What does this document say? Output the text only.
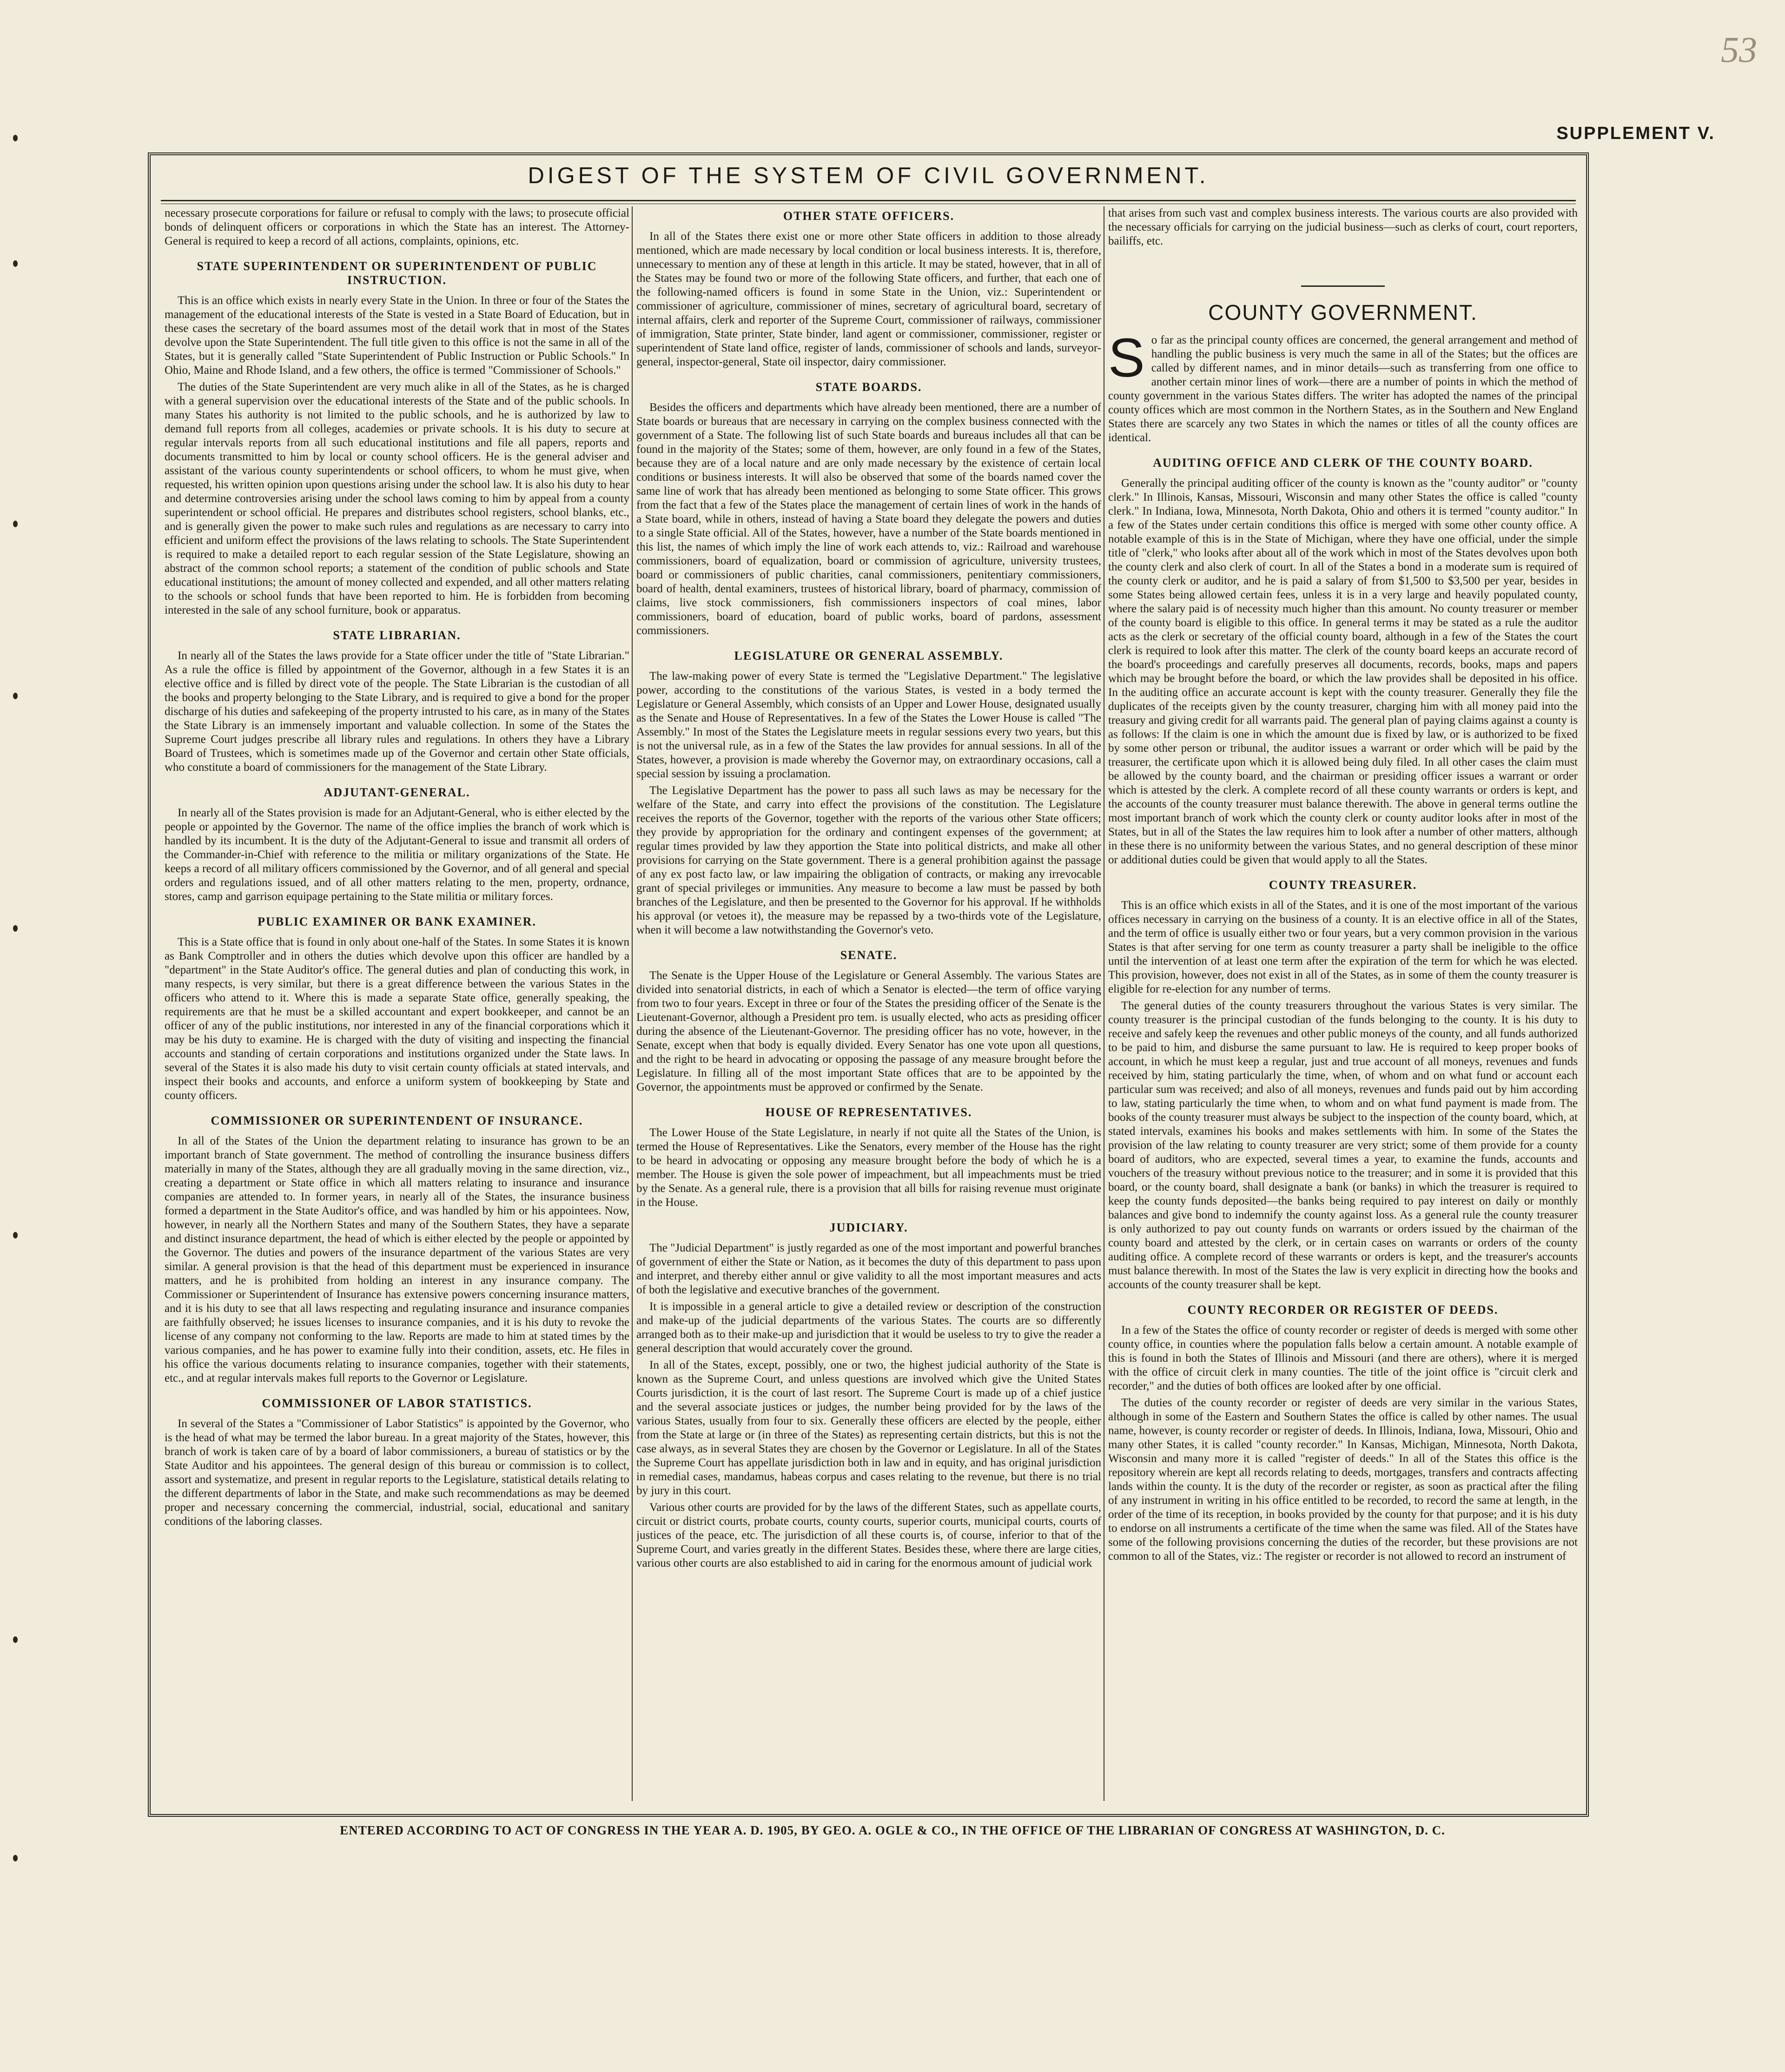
53
SUPPLEMENT V.
DIGEST OF THE SYSTEM OF CIVIL GOVERNMENT.

necessary prosecute corporations for failure or refusal to comply with the laws; to prosecute official bonds of delinquent officers or corporations in which the State has an interest. The Attorney-General is required to keep a record of all actions, complaints, opinions, etc.

STATE SUPERINTENDENT OR SUPERINTENDENT OF PUBLIC INSTRUCTION.

This is an office which exists in nearly every State in the Union. In three or four of the States the management of the educational interests of the State is vested in a State Board of Education, but in these cases the secretary of the board assumes most of the detail work that in most of the States devolve upon the State Superintendent. The full title given to this office is not the same in all of the States, but it is generally called "State Superintendent of Public Instruction or Public Schools." In Ohio, Maine and Rhode Island, and a few others, the office is termed "Commissioner of Schools."

The duties of the State Superintendent are very much alike in all of the States, as he is charged with a general supervision over the educational interests of the State and of the public schools. In many States his authority is not limited to the public schools, and he is authorized by law to demand full reports from all colleges, academies or private schools. It is his duty to secure at regular intervals reports from all such educational institutions and file all papers, reports and documents transmitted to him by local or county school officers. He is the general adviser and assistant of the various county superintendents or school officers, to whom he must give, when requested, his written opinion upon questions arising under the school law. It is also his duty to hear and determine controversies arising under the school laws coming to him by appeal from a county superintendent or school official. He prepares and distributes school registers, school blanks, etc., and is generally given the power to make such rules and regulations as are necessary to carry into efficient and uniform effect the provisions of the laws relating to schools. The State Superintendent is required to make a detailed report to each regular session of the State Legislature, showing an abstract of the common school reports; a statement of the condition of public schools and State educational institutions; the amount of money collected and expended, and all other matters relating to the schools or school funds that have been reported to him. He is forbidden from becoming interested in the sale of any school furniture, book or apparatus.

STATE LIBRARIAN.

In nearly all of the States the laws provide for a State officer under the title of "State Librarian." As a rule the office is filled by appointment of the Governor, although in a few States it is an elective office and is filled by direct vote of the people. The State Librarian is the custodian of all the books and property belonging to the State Library, and is required to give a bond for the proper discharge of his duties and safekeeping of the property intrusted to his care, as in many of the States the State Library is an immensely important and valuable collection. In some of the States the Supreme Court judges prescribe all library rules and regulations. In others they have a Library Board of Trustees, which is sometimes made up of the Governor and certain other State officials, who constitute a board of commissioners for the management of the State Library.

ADJUTANT-GENERAL.

In nearly all of the States provision is made for an Adjutant-General, who is either elected by the people or appointed by the Governor. The name of the office implies the branch of work which is handled by its incumbent. It is the duty of the Adjutant-General to issue and transmit all orders of the Commander-in-Chief with reference to the militia or military organizations of the State. He keeps a record of all military officers commissioned by the Governor, and of all general and special orders and regulations issued, and of all other matters relating to the men, property, ordnance, stores, camp and garrison equipage pertaining to the State militia or military forces.

PUBLIC EXAMINER OR BANK EXAMINER.

This is a State office that is found in only about one-half of the States. In some States it is known as Bank Comptroller and in others the duties which devolve upon this officer are handled by a "department" in the State Auditor's office. The general duties and plan of conducting this work, in many respects, is very similar, but there is a great difference between the various States in the officers who attend to it. Where this is made a separate State office, generally speaking, the requirements are that he must be a skilled accountant and expert bookkeeper, and cannot be an officer of any of the public institutions, nor interested in any of the financial corporations which it may be his duty to examine. He is charged with the duty of visiting and inspecting the financial accounts and standing of certain corporations and institutions organized under the State laws. In several of the States it is also made his duty to visit certain county officials at stated intervals, and inspect their books and accounts, and enforce a uniform system of bookkeeping by State and county officers.

COMMISSIONER OR SUPERINTENDENT OF INSURANCE.

In all of the States of the Union the department relating to insurance has grown to be an important branch of State government. The method of controlling the insurance business differs materially in many of the States, although they are all gradually moving in the same direction, viz., creating a department or State office in which all matters relating to insurance and insurance companies are attended to. In former years, in nearly all of the States, the insurance business formed a department in the State Auditor's office, and was handled by him or his appointees. Now, however, in nearly all the Northern States and many of the Southern States, they have a separate and distinct insurance department, the head of which is either elected by the people or appointed by the Governor. The duties and powers of the insurance department of the various States are very similar. A general provision is that the head of this department must be experienced in insurance matters, and he is prohibited from holding an interest in any insurance company. The Commissioner or Superintendent of Insurance has extensive powers concerning insurance matters, and it is his duty to see that all laws respecting and regulating insurance and insurance companies are faithfully observed; he issues licenses to insurance companies, and it is his duty to revoke the license of any company not conforming to the law. Reports are made to him at stated times by the various companies, and he has power to examine fully into their condition, assets, etc. He files in his office the various documents relating to insurance companies, together with their statements, etc., and at regular intervals makes full reports to the Governor or Legislature.

COMMISSIONER OF LABOR STATISTICS.

In several of the States a "Commissioner of Labor Statistics" is appointed by the Governor, who is the head of what may be termed the labor bureau. In a great majority of the States, however, this branch of work is taken care of by a board of labor commissioners, a bureau of statistics or by the State Auditor and his appointees. The general design of this bureau or commission is to collect, assort and systematize, and present in regular reports to the Legislature, statistical details relating to the different departments of labor in the State, and make such recommendations as may be deemed proper and necessary concerning the commercial, industrial, social, educational and sanitary conditions of the laboring classes.

OTHER STATE OFFICERS.

In all of the States there exist one or more other State officers in addition to those already mentioned, which are made necessary by local condition or local business interests. It is, therefore, unnecessary to mention any of these at length in this article. It may be stated, however, that in all of the States may be found two or more of the following State officers, and further, that each one of the following-named officers is found in some State in the Union, viz.: Superintendent or commissioner of agriculture, commissioner of mines, secretary of agricultural board, secretary of internal affairs, clerk and reporter of the Supreme Court, commissioner of railways, commissioner of immigration, State printer, State binder, land agent or commissioner, commissioner, register or superintendent of State land office, register of lands, commissioner of schools and lands, surveyor-general, inspector-general, State oil inspector, dairy commissioner.

STATE BOARDS.

Besides the officers and departments which have already been mentioned, there are a number of State boards or bureaus that are necessary in carrying on the complex business connected with the government of a State. The following list of such State boards and bureaus includes all that can be found in the majority of the States; some of them, however, are only found in a few of the States, because they are of a local nature and are only made necessary by the existence of certain local conditions or business interests. It will also be observed that some of the boards named cover the same line of work that has already been mentioned as belonging to some State officer. This grows from the fact that a few of the States place the management of certain lines of work in the hands of a State board, while in others, instead of having a State board they delegate the powers and duties to a single State official. All of the States, however, have a number of the State boards mentioned in this list, the names of which imply the line of work each attends to, viz.: Railroad and warehouse commissioners, board of equalization, board or commission of agriculture, university trustees, board or commissioners of public charities, canal commissioners, penitentiary commissioners, board of health, dental examiners, trustees of historical library, board of pharmacy, commission of claims, live stock commissioners, fish commissioners inspectors of coal mines, labor commissioners, board of education, board of public works, board of pardons, assessment commissioners.

LEGISLATURE OR GENERAL ASSEMBLY.

The law-making power of every State is termed the "Legislative Department." The legislative power, according to the constitutions of the various States, is vested in a body termed the Legislature or General Assembly, which consists of an Upper and Lower House, designated usually as the Senate and House of Representatives. In a few of the States the Lower House is called "The Assembly." In most of the States the Legislature meets in regular sessions every two years, but this is not the universal rule, as in a few of the States the law provides for annual sessions. In all of the States, however, a provision is made whereby the Governor may, on extraordinary occasions, call a special session by issuing a proclamation.

The Legislative Department has the power to pass all such laws as may be necessary for the welfare of the State, and carry into effect the provisions of the constitution. The Legislature receives the reports of the Governor, together with the reports of the various other State officers; they provide by appropriation for the ordinary and contingent expenses of the government; at regular times provided by law they apportion the State into political districts, and make all other provisions for carrying on the State government. There is a general prohibition against the passage of any ex post facto law, or law impairing the obligation of contracts, or making any irrevocable grant of special privileges or immunities. Any measure to become a law must be passed by both branches of the Legislature, and then be presented to the Governor for his approval. If he withholds his approval (or vetoes it), the measure may be repassed by a two-thirds vote of the Legislature, when it will become a law notwithstanding the Governor's veto.

SENATE.

The Senate is the Upper House of the Legislature or General Assembly. The various States are divided into senatorial districts, in each of which a Senator is elected—the term of office varying from two to four years. Except in three or four of the States the presiding officer of the Senate is the Lieutenant-Governor, although a President pro tem. is usually elected, who acts as presiding officer during the absence of the Lieutenant-Governor. The presiding officer has no vote, however, in the Senate, except when that body is equally divided. Every Senator has one vote upon all questions, and the right to be heard in advocating or opposing the passage of any measure brought before the Legislature. In filling all of the most important State offices that are to be appointed by the Governor, the appointments must be approved or confirmed by the Senate.

HOUSE OF REPRESENTATIVES.

The Lower House of the State Legislature, in nearly if not quite all the States of the Union, is termed the House of Representatives. Like the Senators, every member of the House has the right to be heard in advocating or opposing any measure brought before the body of which he is a member. The House is given the sole power of impeachment, but all impeachments must be tried by the Senate. As a general rule, there is a provision that all bills for raising revenue must originate in the House.

JUDICIARY.

The "Judicial Department" is justly regarded as one of the most important and powerful branches of government of either the State or Nation, as it becomes the duty of this department to pass upon and interpret, and thereby either annul or give validity to all the most important measures and acts of both the legislative and executive branches of the government.

It is impossible in a general article to give a detailed review or description of the construction and make-up of the judicial departments of the various States. The courts are so differently arranged both as to their make-up and jurisdiction that it would be useless to try to give the reader a general description that would accurately cover the ground.

In all of the States, except, possibly, one or two, the highest judicial authority of the State is known as the Supreme Court, and unless questions are involved which give the United States Courts jurisdiction, it is the court of last resort. The Supreme Court is made up of a chief justice and the several associate justices or judges, the number being provided for by the laws of the various States, usually from four to six. Generally these officers are elected by the people, either from the State at large or (in three of the States) as representing certain districts, but this is not the case always, as in several States they are chosen by the Governor or Legislature. In all of the States the Supreme Court has appellate jurisdiction both in law and in equity, and has original jurisdiction in remedial cases, mandamus, habeas corpus and cases relating to the revenue, but there is no trial by jury in this court.

Various other courts are provided for by the laws of the different States, such as appellate courts, circuit or district courts, probate courts, county courts, superior courts, municipal courts, courts of justices of the peace, etc. The jurisdiction of all these courts is, of course, inferior to that of the Supreme Court, and varies greatly in the different States. Besides these, where there are large cities, various other courts are also established to aid in caring for the enormous amount of judicial work

that arises from such vast and complex business interests. The various courts are also provided with the necessary officials for carrying on the judicial business—such as clerks of court, court reporters, bailiffs, etc.

COUNTY GOVERNMENT.

So far as the principal county offices are concerned, the general arrangement and method of handling the public business is very much the same in all of the States; but the offices are called by different names, and in minor details—such as transferring from one office to another certain minor lines of work—there are a number of points in which the method of county government in the various States differs. The writer has adopted the names of the principal county offices which are most common in the Northern States, as in the Southern and New England States there are scarcely any two States in which the names or titles of all the county offices are identical.

AUDITING OFFICE AND CLERK OF THE COUNTY BOARD.

Generally the principal auditing officer of the county is known as the "county auditor" or "county clerk." In Illinois, Kansas, Missouri, Wisconsin and many other States the office is called "county clerk." In Indiana, Iowa, Minnesota, North Dakota, Ohio and others it is termed "county auditor." In a few of the States under certain conditions this office is merged with some other county office. A notable example of this is in the State of Michigan, where they have one official, under the simple title of "clerk," who looks after about all of the work which in most of the States devolves upon both the county clerk and also clerk of court. In all of the States a bond in a moderate sum is required of the county clerk or auditor, and he is paid a salary of from $1,500 to $3,500 per year, besides in some States being allowed certain fees, unless it is in a very large and heavily populated county, where the salary paid is of necessity much higher than this amount. No county treasurer or member of the county board is eligible to this office. In general terms it may be stated as a rule the auditor acts as the clerk or secretary of the official county board, although in a few of the States the court clerk is required to look after this matter. The clerk of the county board keeps an accurate record of the board's proceedings and carefully preserves all documents, records, books, maps and papers which may be brought before the board, or which the law provides shall be deposited in his office. In the auditing office an accurate account is kept with the county treasurer. Generally they file the duplicates of the receipts given by the county treasurer, charging him with all money paid into the treasury and giving credit for all warrants paid. The general plan of paying claims against a county is as follows: If the claim is one in which the amount due is fixed by law, or is authorized to be fixed by some other person or tribunal, the auditor issues a warrant or order which will be paid by the treasurer, the certificate upon which it is allowed being duly filed. In all other cases the claim must be allowed by the county board, and the chairman or presiding officer issues a warrant or order which is attested by the clerk. A complete record of all these county warrants or orders is kept, and the accounts of the county treasurer must balance therewith. The above in general terms outline the most important branch of work which the county clerk or county auditor looks after in most of the States, but in all of the States the law requires him to look after a number of other matters, although in these there is no uniformity between the various States, and no general description of these minor or additional duties could be given that would apply to all the States.

COUNTY TREASURER.

This is an office which exists in all of the States, and it is one of the most important of the various offices necessary in carrying on the business of a county. It is an elective office in all of the States, and the term of office is usually either two or four years, but a very common provision in the various States is that after serving for one term as county treasurer a party shall be ineligible to the office until the intervention of at least one term after the expiration of the term for which he was elected. This provision, however, does not exist in all of the States, as in some of them the county treasurer is eligible for re-election for any number of terms.

The general duties of the county treasurers throughout the various States is very similar. The county treasurer is the principal custodian of the funds belonging to the county. It is his duty to receive and safely keep the revenues and other public moneys of the county, and all funds authorized to be paid to him, and disburse the same pursuant to law. He is required to keep proper books of account, in which he must keep a regular, just and true account of all moneys, revenues and funds received by him, stating particularly the time, when, of whom and on what fund or account each particular sum was received; and also of all moneys, revenues and funds paid out by him according to law, stating particularly the time when, to whom and on what fund payment is made from. The books of the county treasurer must always be subject to the inspection of the county board, which, at stated intervals, examines his books and makes settlements with him. In some of the States the provision of the law relating to county treasurer are very strict; some of them provide for a county board of auditors, who are expected, several times a year, to examine the funds, accounts and vouchers of the treasury without previous notice to the treasurer; and in some it is provided that this board, or the county board, shall designate a bank (or banks) in which the treasurer is required to keep the county funds deposited—the banks being required to pay interest on daily or monthly balances and give bond to indemnify the county against loss. As a general rule the county treasurer is only authorized to pay out county funds on warrants or orders issued by the chairman of the county board and attested by the clerk, or in certain cases on warrants or orders of the county auditing office. A complete record of these warrants or orders is kept, and the treasurer's accounts must balance therewith. In most of the States the law is very explicit in directing how the books and accounts of the county treasurer shall be kept.

COUNTY RECORDER OR REGISTER OF DEEDS.

In a few of the States the office of county recorder or register of deeds is merged with some other county office, in counties where the population falls below a certain amount. A notable example of this is found in both the States of Illinois and Missouri (and there are others), where it is merged with the office of circuit clerk in many counties. The title of the joint office is "circuit clerk and recorder," and the duties of both offices are looked after by one official.

The duties of the county recorder or register of deeds are very similar in the various States, although in some of the Eastern and Southern States the office is called by other names. The usual name, however, is county recorder or register of deeds. In Illinois, Indiana, Iowa, Missouri, Ohio and many other States, it is called "county recorder." In Kansas, Michigan, Minnesota, North Dakota, Wisconsin and many more it is called "register of deeds." In all of the States this office is the repository wherein are kept all records relating to deeds, mortgages, transfers and contracts affecting lands within the county. It is the duty of the recorder or register, as soon as practical after the filing of any instrument in writing in his office entitled to be recorded, to record the same at length, in the order of the time of its reception, in books provided by the county for that purpose; and it is his duty to endorse on all instruments a certificate of the time when the same was filed. All of the States have some of the following provisions concerning the duties of the recorder, but these provisions are not common to all of the States, viz.: The register or recorder is not allowed to record an instrument of

ENTERED ACCORDING TO ACT OF CONGRESS IN THE YEAR A. D. 1905, BY GEO. A. OGLE & CO., IN THE OFFICE OF THE LIBRARIAN OF CONGRESS AT WASHINGTON, D. C.
